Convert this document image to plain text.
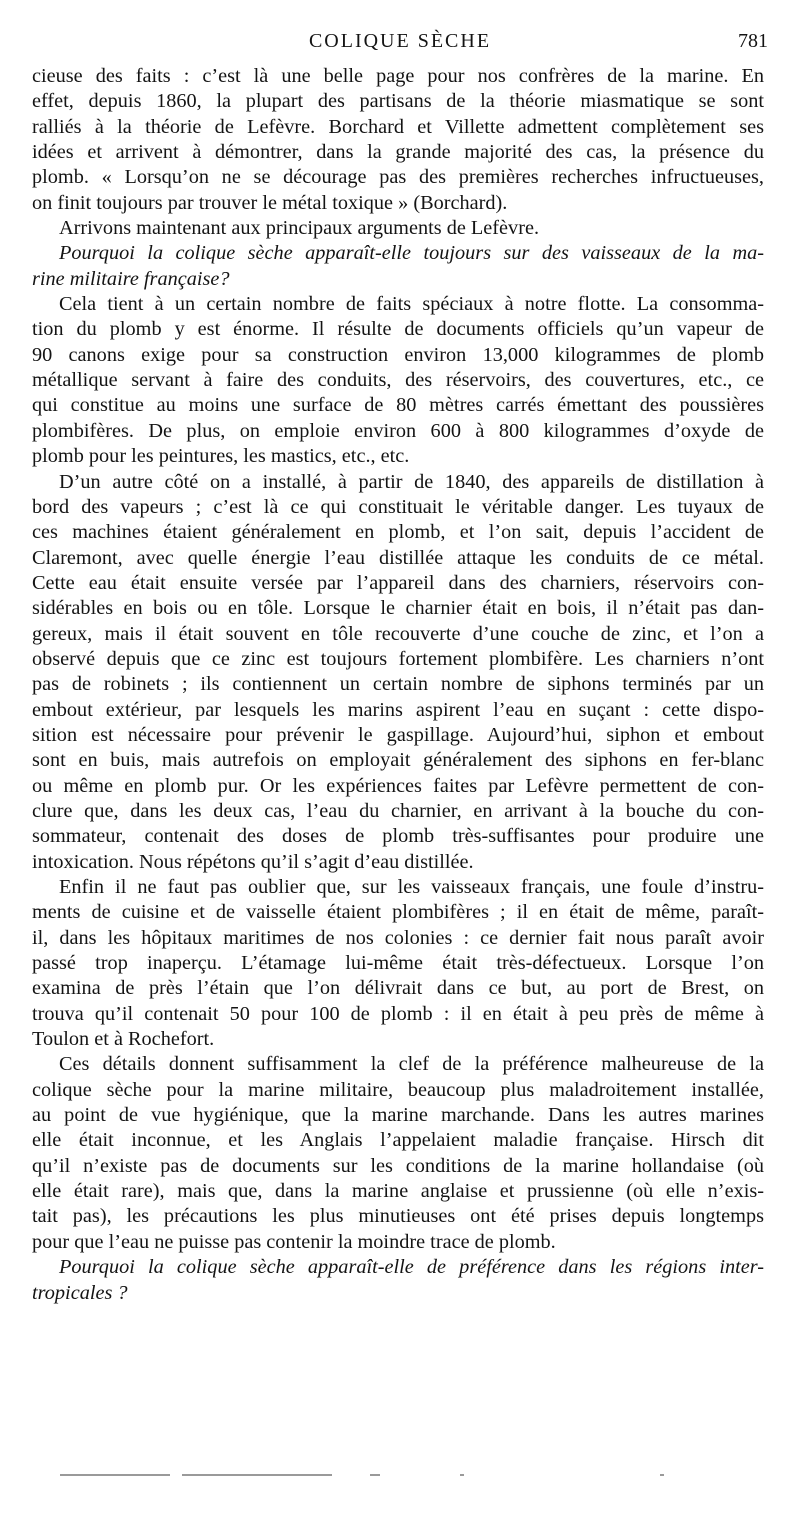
COLIQUE SÈCHE	781
cieuse des faits : c’est là une belle page pour nos confrères de la marine. En
effet, depuis 1860, la plupart des partisans de la théorie miasmatique se sont
ralliés à la théorie de Lefèvre. Borchard et Villette admettent complètement ses
idées et arrivent à démontrer, dans la grande majorité des cas, la présence du
plomb. « Lorsqu’on ne se décourage pas des premières recherches infructueuses,
on finit toujours par trouver le métal toxique » (Borchard).
Arrivons maintenant aux principaux arguments de Lefèvre.
Pourquoi la colique sèche apparaît-elle toujours sur des vaisseaux de la ma-
rine militaire française?
Cela tient à un certain nombre de faits spéciaux à notre flotte. La consomma-
tion du plomb y est énorme. Il résulte de documents officiels qu’un vapeur de
90 canons exige pour sa construction environ 13,000 kilogrammes de plomb
métallique servant à faire des conduits, des réservoirs, des couvertures, etc., ce
qui constitue au moins une surface de 80 mètres carrés émettant des poussières
plombifères. De plus, on emploie environ 600 à 800 kilogrammes d’oxyde de
plomb pour les peintures, les mastics, etc., etc.
D’un autre côté on a installé, à partir de 1840, des appareils de distillation à
bord des vapeurs ; c’est là ce qui constituait le véritable danger. Les tuyaux de
ces machines étaient généralement en plomb, et l’on sait, depuis l’accident de
Claremont, avec quelle énergie l’eau distillée attaque les conduits de ce métal.
Cette eau était ensuite versée par l’appareil dans des charniers, réservoirs con-
sidérables en bois ou en tôle. Lorsque le charnier était en bois, il n’était pas dan-
gereux, mais il était souvent en tôle recouverte d’une couche de zinc, et l’on a
observé depuis que ce zinc est toujours fortement plombifère. Les charniers n’ont
pas de robinets ; ils contiennent un certain nombre de siphons terminés par un
embout extérieur, par lesquels les marins aspirent l’eau en suçant : cette dispo-
sition est nécessaire pour prévenir le gaspillage. Aujourd’hui, siphon et embout
sont en buis, mais autrefois on employait généralement des siphons en fer-blanc
ou même en plomb pur. Or les expériences faites par Lefèvre permettent de con-
clure que, dans les deux cas, l’eau du charnier, en arrivant à la bouche du con-
sommateur, contenait des doses de plomb très-suffisantes pour produire une
intoxication. Nous répétons qu’il s’agit d’eau distillée.
Enfin il ne faut pas oublier que, sur les vaisseaux français, une foule d’instru-
ments de cuisine et de vaisselle étaient plombifères ; il en était de même, paraît-
il, dans les hôpitaux maritimes de nos colonies : ce dernier fait nous paraît avoir
passé trop inaperçu. L’étamage lui-même était très-défectueux. Lorsque l’on
examina de près l’étain que l’on délivrait dans ce but, au port de Brest, on
trouva qu’il contenait 50 pour 100 de plomb : il en était à peu près de même à
Toulon et à Rochefort.
Ces détails donnent suffisamment la clef de la préférence malheureuse de la
colique sèche pour la marine militaire, beaucoup plus maladroitement installée,
au point de vue hygiénique, que la marine marchande. Dans les autres marines
elle était inconnue, et les Anglais l’appelaient maladie française. Hirsch dit
qu’il n’existe pas de documents sur les conditions de la marine hollandaise (où
elle était rare), mais que, dans la marine anglaise et prussienne (où elle n’exis-
tait pas), les précautions les plus minutieuses ont été prises depuis longtemps
pour que l’eau ne puisse pas contenir la moindre trace de plomb.
Pourquoi la colique sèche apparaît-elle de préférence dans les régions inter-
tropicales ?
